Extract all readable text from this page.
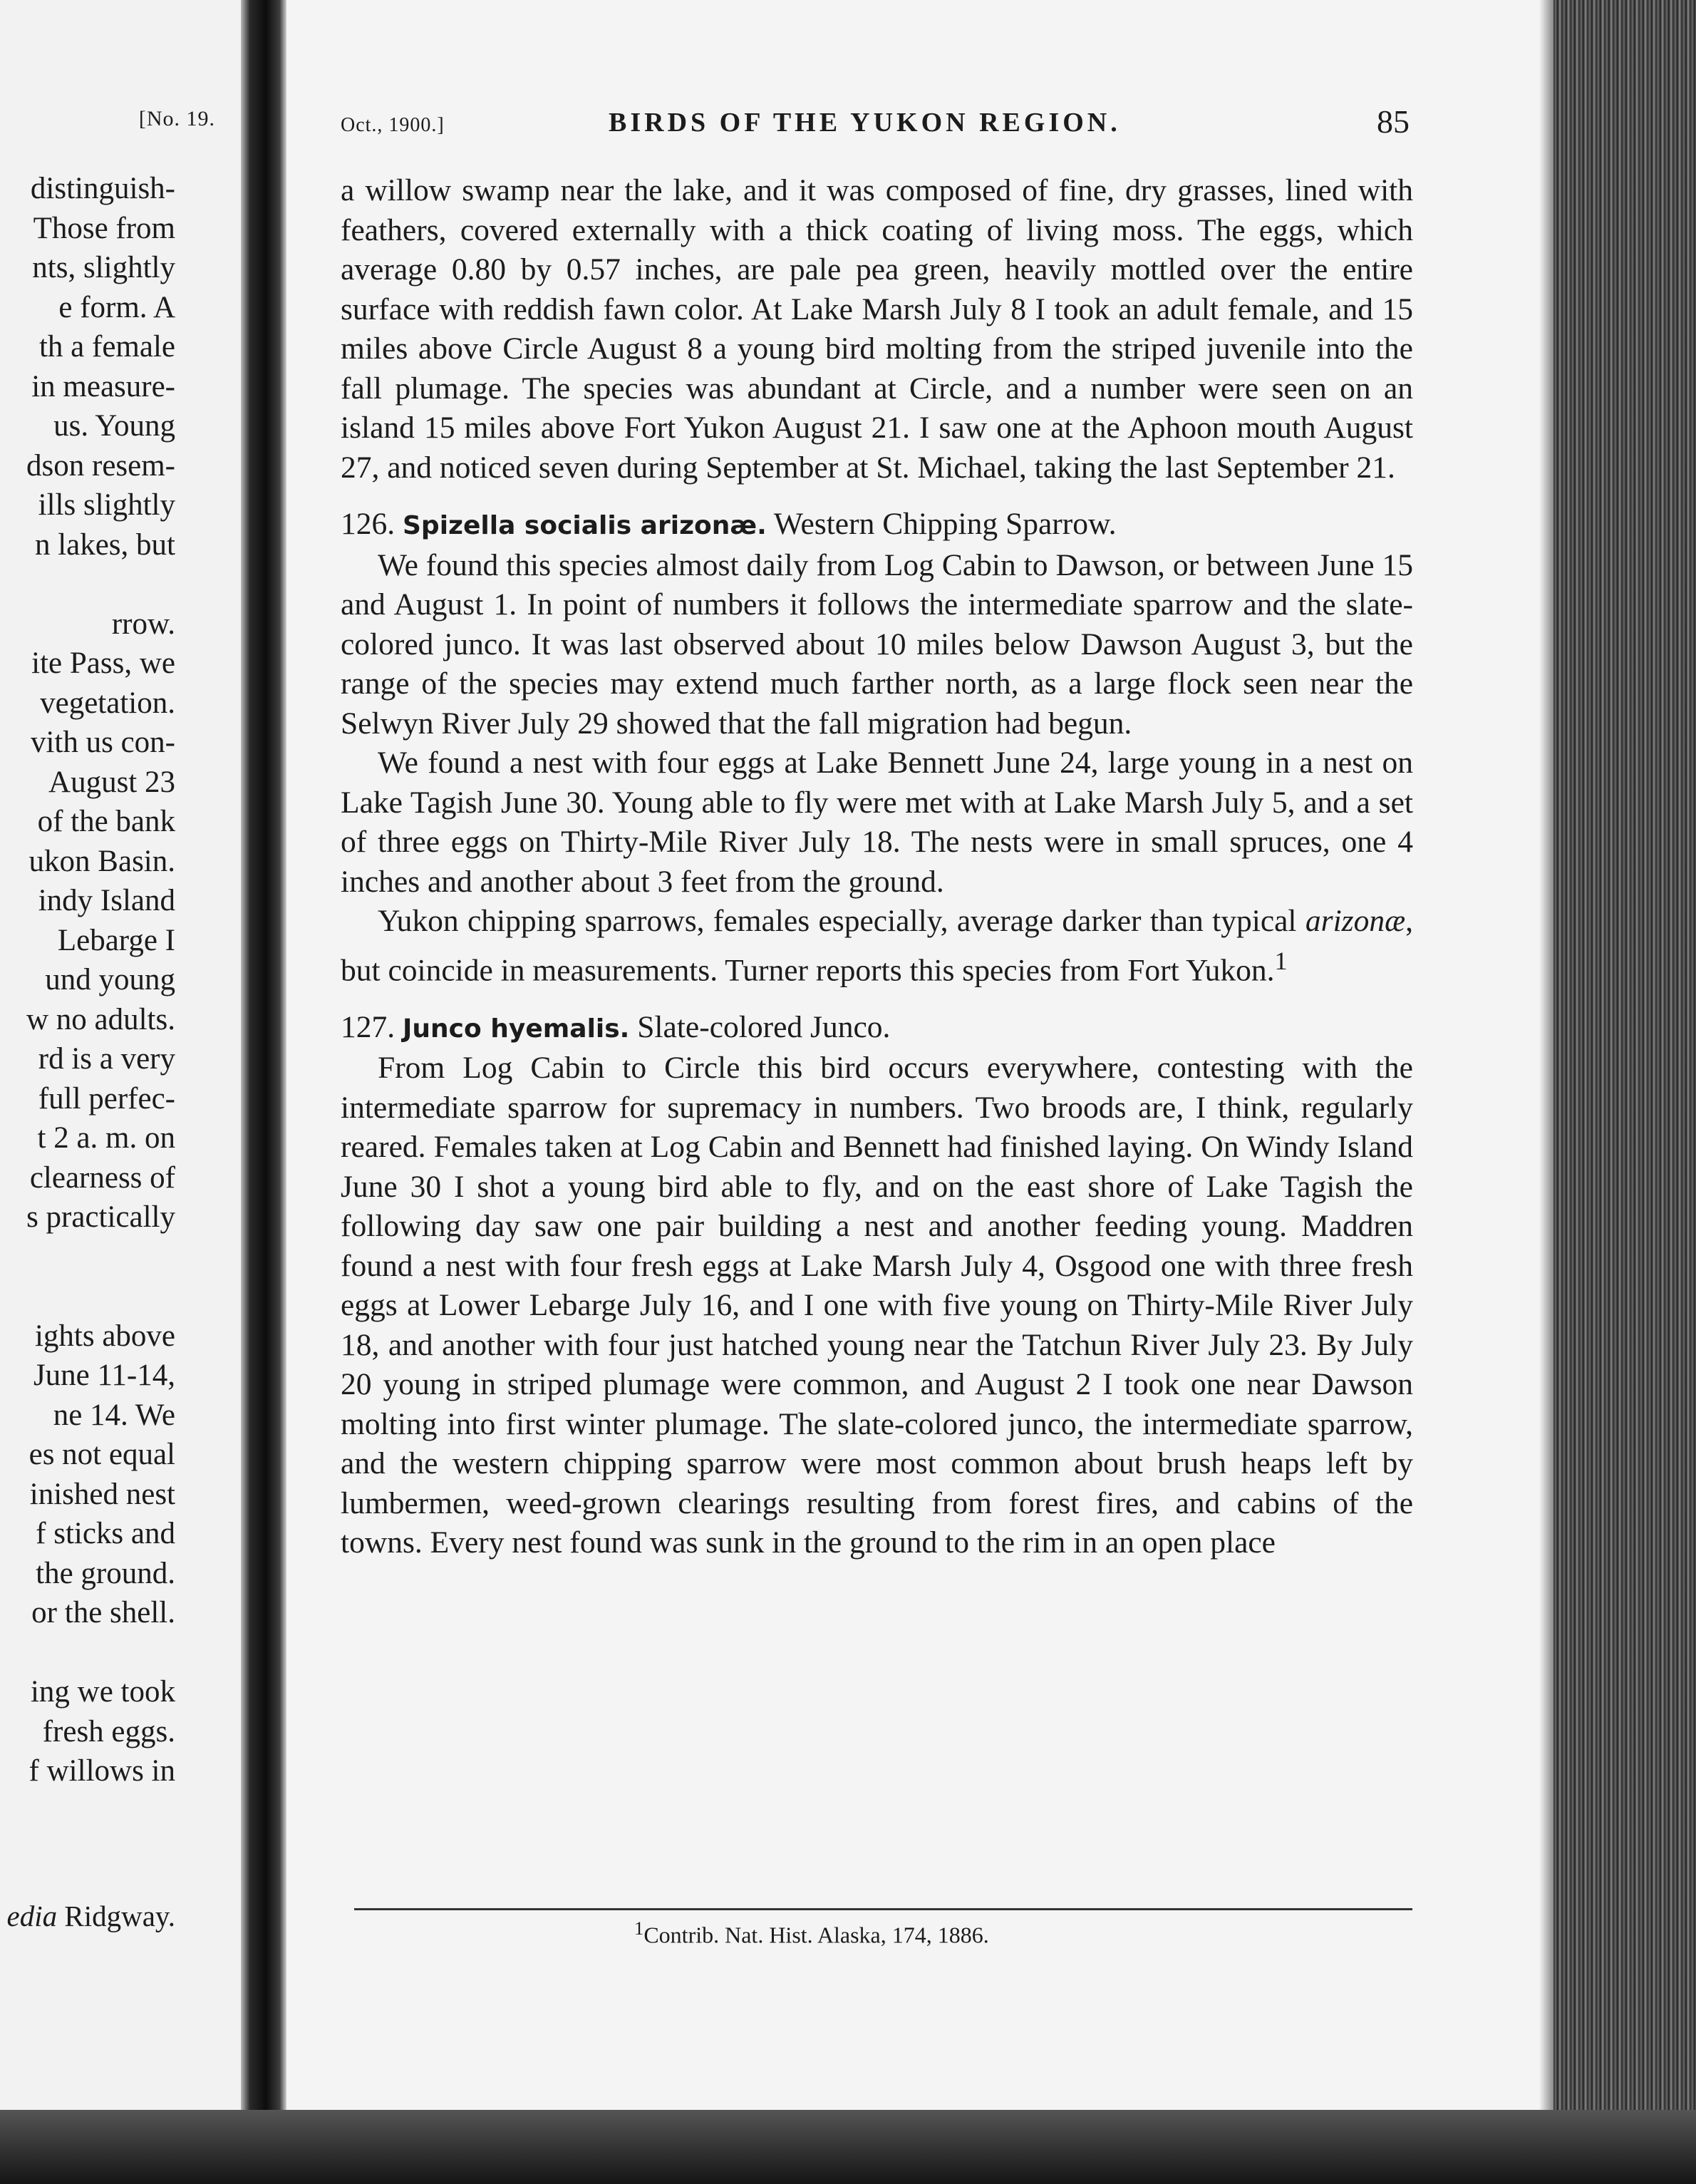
[No. 19.
distinguish-
Those from
nts, slightly
e form. A
th a female
in measure-
us. Young
dson resem-
ills slightly
n lakes, but
rrow.
ite Pass, we
vegetation.
vith us con-
August 23
of the bank
ukon Basin.
indy Island
Lebarge I
und young
w no adults.
rd is a very
full perfec-
t 2 a. m. on
clearness of
s practically
ights above
June 11-14,
ne 14. We
es not equal
inished nest
f sticks and
the ground.
or the shell.
ing we took
fresh eggs.
f willows in
edia Ridgway.
Oct., 1900.]	BIRDS OF THE YUKON REGION.	85

a willow swamp near the lake, and it was composed of fine, dry grasses, lined with feathers, covered externally with a thick coating of living moss. The eggs, which average 0.80 by 0.57 inches, are pale pea green, heavily mottled over the entire surface with reddish fawn color. At Lake Marsh July 8 I took an adult female, and 15 miles above Circle August 8 a young bird molting from the striped juvenile into the fall plumage. The species was abundant at Circle, and a number were seen on an island 15 miles above Fort Yukon August 21. I saw one at the Aphoon mouth August 27, and noticed seven during September at St. Michael, taking the last September 21.

126. Spizella socialis arizonæ. Western Chipping Sparrow.

We found this species almost daily from Log Cabin to Dawson, or between June 15 and August 1. In point of numbers it follows the intermediate sparrow and the slate-colored junco. It was last observed about 10 miles below Dawson August 3, but the range of the species may extend much farther north, as a large flock seen near the Selwyn River July 29 showed that the fall migration had begun.

We found a nest with four eggs at Lake Bennett June 24, large young in a nest on Lake Tagish June 30. Young able to fly were met with at Lake Marsh July 5, and a set of three eggs on Thirty-Mile River July 18. The nests were in small spruces, one 4 inches and another about 3 feet from the ground.

Yukon chipping sparrows, females especially, average darker than typical arizonæ, but coincide in measurements. Turner reports this species from Fort Yukon.$^1$

127. Junco hyemalis. Slate-colored Junco.

From Log Cabin to Circle this bird occurs everywhere, contesting with the intermediate sparrow for supremacy in numbers. Two broods are, I think, regularly reared. Females taken at Log Cabin and Bennett had finished laying. On Windy Island June 30 I shot a young bird able to fly, and on the east shore of Lake Tagish the following day saw one pair building a nest and another feeding young. Maddren found a nest with four fresh eggs at Lake Marsh July 4, Osgood one with three fresh eggs at Lower Lebarge July 16, and I one with five young on Thirty-Mile River July 18, and another with four just hatched young near the Tatchun River July 23. By July 20 young in striped plumage were common, and August 2 I took one near Dawson molting into first winter plumage. The slate-colored junco, the intermediate sparrow, and the western chipping sparrow were most common about brush heaps left by lumbermen, weed-grown clearings resulting from forest fires, and cabins of the towns. Every nest found was sunk in the ground to the rim in an open place

$^1$Contrib. Nat. Hist. Alaska, 174, 1886.
